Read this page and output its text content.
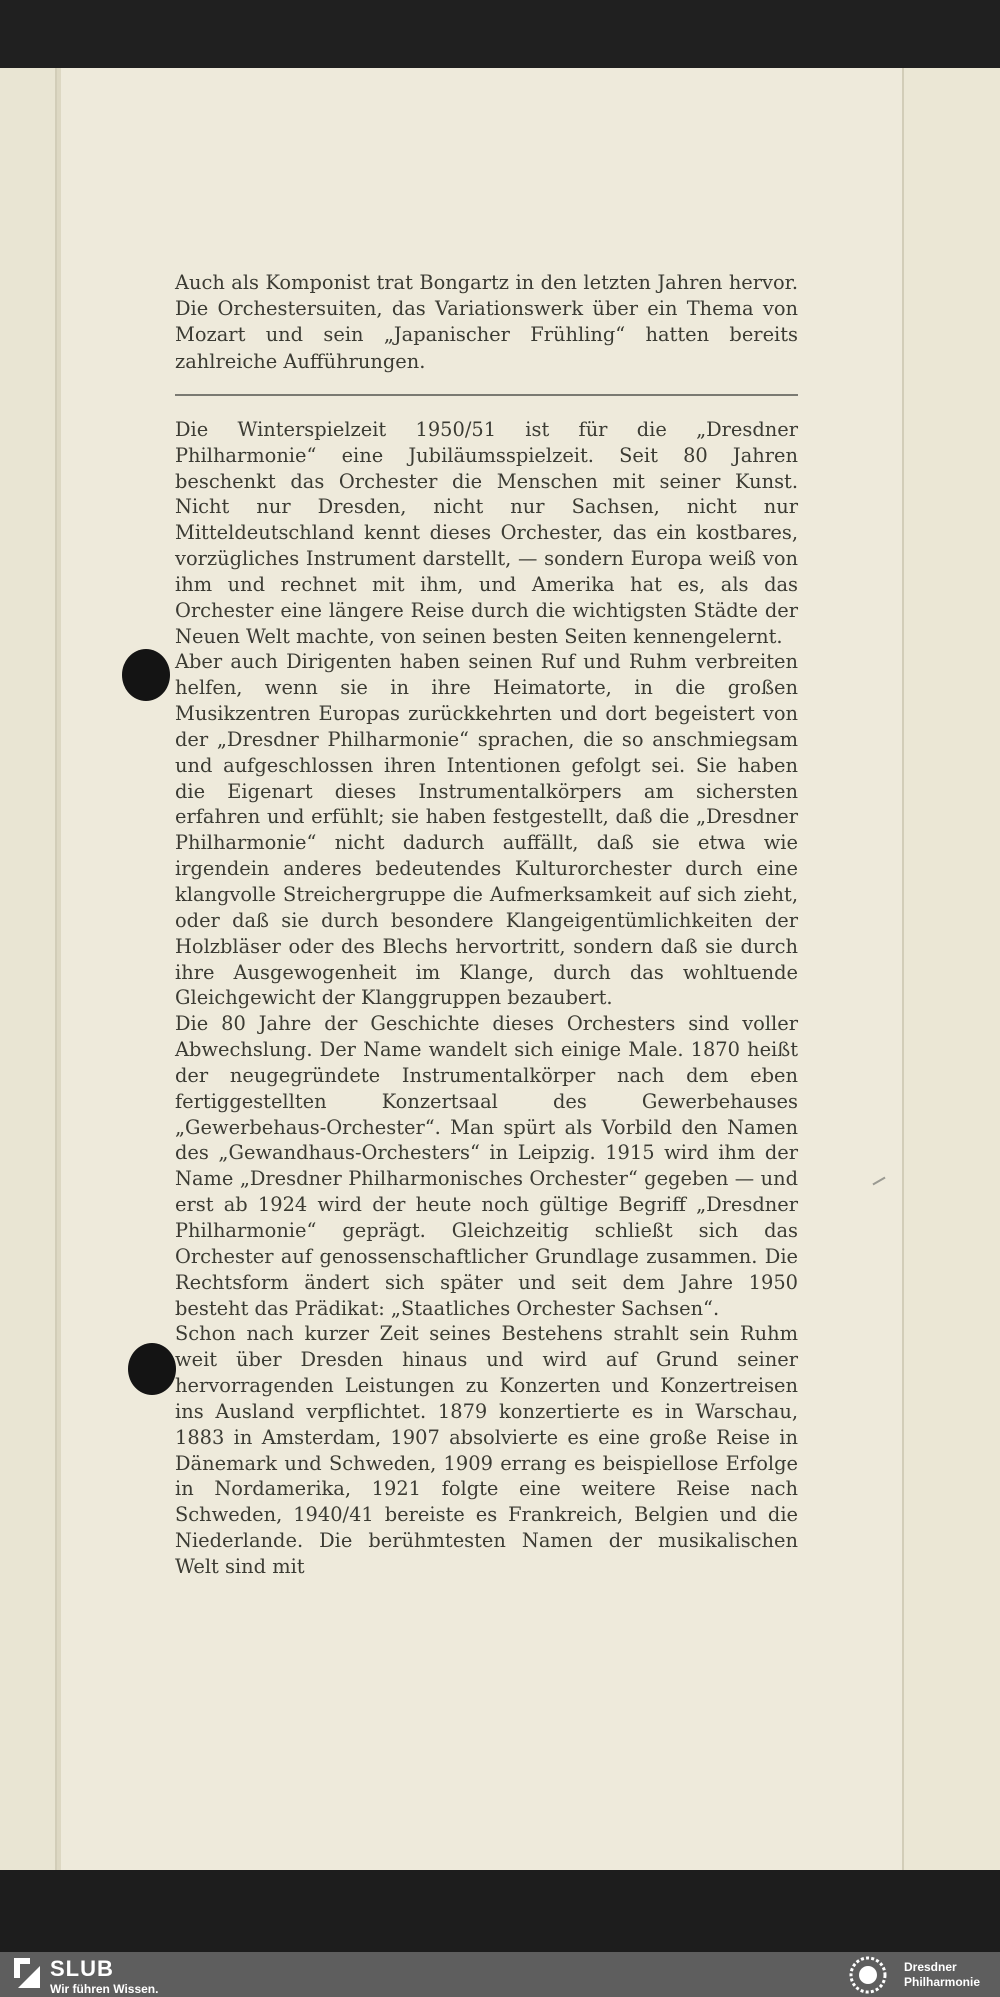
Auch als Komponist trat Bongartz in den letzten Jahren hervor. Die Orchestersuiten, das Variationswerk über ein Thema von Mozart und sein „Japanischer Frühling“ hatten bereits zahlreiche Aufführungen.

Die Winterspielzeit 1950/51 ist für die „Dresdner Philharmonie“ eine Jubiläumsspielzeit. Seit 80 Jahren beschenkt das Orchester die Menschen mit seiner Kunst. Nicht nur Dresden, nicht nur Sachsen, nicht nur Mitteldeutschland kennt dieses Orchester, das ein kostbares, vorzügliches Instrument darstellt, — sondern Europa weiß von ihm und rechnet mit ihm, und Amerika hat es, als das Orchester eine längere Reise durch die wichtigsten Städte der Neuen Welt machte, von seinen besten Seiten kennengelernt.

Aber auch Dirigenten haben seinen Ruf und Ruhm verbreiten helfen, wenn sie in ihre Heimatorte, in die großen Musikzentren Europas zurückkehrten und dort begeistert von der „Dresdner Philharmonie“ sprachen, die so anschmiegsam und aufgeschlossen ihren Intentionen gefolgt sei. Sie haben die Eigenart dieses Instrumentalkörpers am sichersten erfahren und erfühlt; sie haben festgestellt, daß die „Dresdner Philharmonie“ nicht dadurch auffällt, daß sie etwa wie irgendein anderes bedeutendes Kulturorchester durch eine klangvolle Streichergruppe die Aufmerksamkeit auf sich zieht, oder daß sie durch besondere Klangeigentümlichkeiten der Holzbläser oder des Blechs hervortritt, sondern daß sie durch ihre Ausgewogenheit im Klange, durch das wohltuende Gleichgewicht der Klanggruppen bezaubert.

Die 80 Jahre der Geschichte dieses Orchesters sind voller Abwechslung. Der Name wandelt sich einige Male. 1870 heißt der neugegründete Instrumentalkörper nach dem eben fertiggestellten Konzertsaal des Gewerbehauses „Gewerbehaus-Orchester“. Man spürt als Vorbild den Namen des „Gewandhaus-Orchesters“ in Leipzig. 1915 wird ihm der Name „Dresdner Philharmonisches Orchester“ gegeben — und erst ab 1924 wird der heute noch gültige Begriff „Dresdner Philharmonie“ geprägt. Gleichzeitig schließt sich das Orchester auf genossenschaftlicher Grundlage zusammen. Die Rechtsform ändert sich später und seit dem Jahre 1950 besteht das Prädikat: „Staatliches Orchester Sachsen“.

Schon nach kurzer Zeit seines Bestehens strahlt sein Ruhm weit über Dresden hinaus und wird auf Grund seiner hervorragenden Leistungen zu Konzerten und Konzertreisen ins Ausland verpflichtet. 1879 konzertierte es in Warschau, 1883 in Amsterdam, 1907 absolvierte es eine große Reise in Dänemark und Schweden, 1909 errang es beispiellose Erfolge in Nordamerika, 1921 folgte eine weitere Reise nach Schweden, 1940/41 bereiste es Frankreich, Belgien und die Niederlande. Die berühmtesten Namen der musikalischen Welt sind mit

SLUB
Wir führen Wissen.
Dresdner
Philharmonie
